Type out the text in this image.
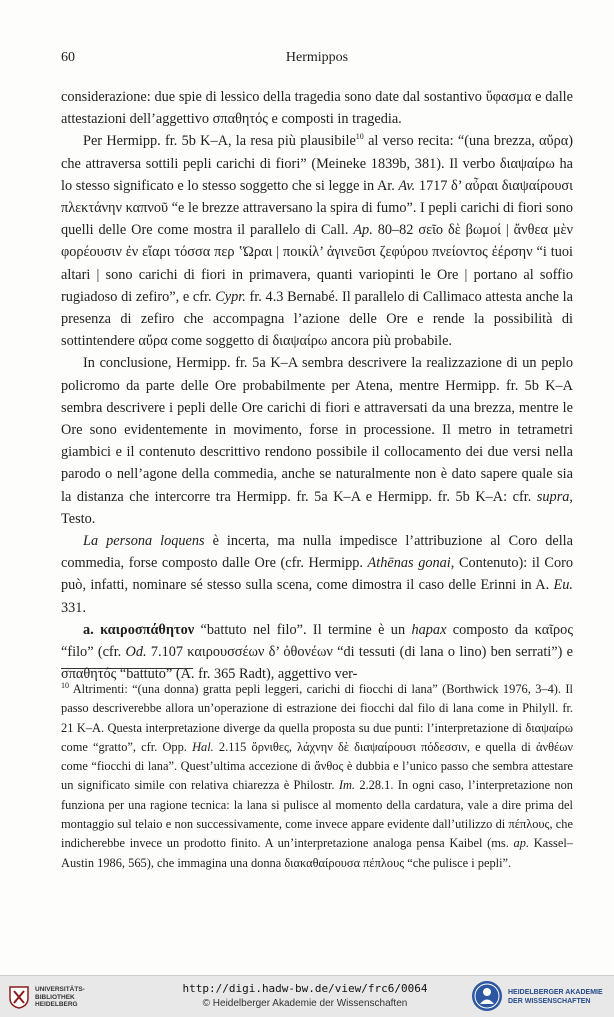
60	Hermippos

considerazione: due spie di lessico della tragedia sono date dal sostantivo ὕφασμα e dalle attestazioni dell’aggettivo σπαθητός e composti in tragedia.

Per Hermipp. fr. 5b K–A, la resa più plausibile$^{10}$ al verso recita: “(una brezza, αὔρα) che attraversa sottili pepli carichi di fiori” (Meineke 1839b, 381). Il verbo διαψαίρω ha lo stesso significato e lo stesso soggetto che si legge in Ar. Av. 1717 δ’ αὖραι διαψαίρουσι πλεκτάνην καπνοῦ “e le brezze attraversano la spira di fumo”. I pepli carichi di fiori sono quelli delle Ore come mostra il parallelo di Call. Ap. 80–82 σεῖο δὲ βωμοί | ἄνθεα μὲν φορέουσιν ἐν εἴαρι τόσσα περ ʽΏραι | ποικίλ’ ἀγινεῦσι ζεφύρου πνείοντος ἐέρσην “i tuoi altari | sono carichi di fiori in primavera, quanti variopinti le Ore | portano al soffio rugiadoso di zefiro”, e cfr. Cypr. fr. 4.3 Bernabé. Il parallelo di Callimaco attesta anche la presenza di zefiro che accompagna l’azione delle Ore e rende la possibilità di sottintendere αὔρα come soggetto di διαψαίρω ancora più probabile.

In conclusione, Hermipp. fr. 5a K–A sembra descrivere la realizzazione di un peplo policromo da parte delle Ore probabilmente per Atena, mentre Hermipp. fr. 5b K–A sembra descrivere i pepli delle Ore carichi di fiori e attraversati da una brezza, mentre le Ore sono evidentemente in movimento, forse in processione. Il metro in tetrametri giambici e il contenuto descrittivo rendono possibile il collocamento dei due versi nella parodo o nell’agone della commedia, anche se naturalmente non è dato sapere quale sia la distanza che intercorre tra Hermipp. fr. 5a K–A e Hermipp. fr. 5b K–A: cfr. supra, Testo.

La persona loquens è incerta, ma nulla impedisce l’attribuzione al Coro della commedia, forse composto dalle Ore (cfr. Hermipp. Athēnas gonai, Contenuto): il Coro può, infatti, nominare sé stesso sulla scena, come dimostra il caso delle Erinni in A. Eu. 331.

a. καιροσπάθητον “battuto nel filo”. Il termine è un hapax composto da καῖρος “filo” (cfr. Od. 7.107 καιρουσσέων δ’ ὀθονέων “di tessuti (di lana o lino) ben serrati”) e σπαθητός “battuto” (A. fr. 365 Radt), aggettivo ver-

$^{10}$ Altrimenti: “(una donna) gratta pepli leggeri, carichi di fiocchi di lana” (Borthwick 1976, 3–4). Il passo descriverebbe allora un’operazione di estrazione dei fiocchi dal filo di lana come in Philyll. fr. 21 K–A. Questa interpretazione diverge da quella proposta su due punti: l’interpretazione di διαψαίρω come “gratto”, cfr. Opp. Hal. 2.115 ὄρνιθες, λάχνην δὲ διαψαίρουσι πόδεσσιν, e quella di ἀνθέων come “fiocchi di lana”. Quest’ultima accezione di ἄνθος è dubbia e l’unico passo che sembra attestare un significato simile con relativa chiarezza è Philostr. Im. 2.28.1. In ogni caso, l’interpretazione non funziona per una ragione tecnica: la lana si pulisce al momento della cardatura, vale a dire prima del montaggio sul telaio e non successivamente, come invece appare evidente dall’utilizzo di πέπλους, che indicherebbe invece un prodotto finito. A un’interpretazione analoga pensa Kaibel (ms. ap. Kassel–Austin 1986, 565), che immagina una donna διακαθαίρουσα πέπλους “che pulisce i pepli”.

UNIVERSITÄTS-
BIBLIOTHEK
HEIDELBERG
http://digi.hadw-bw.de/view/frc6/0064
© Heidelberger Akademie der Wissenschaften
HEIDELBERGER AKADEMIE
DER WISSENSCHAFTEN
